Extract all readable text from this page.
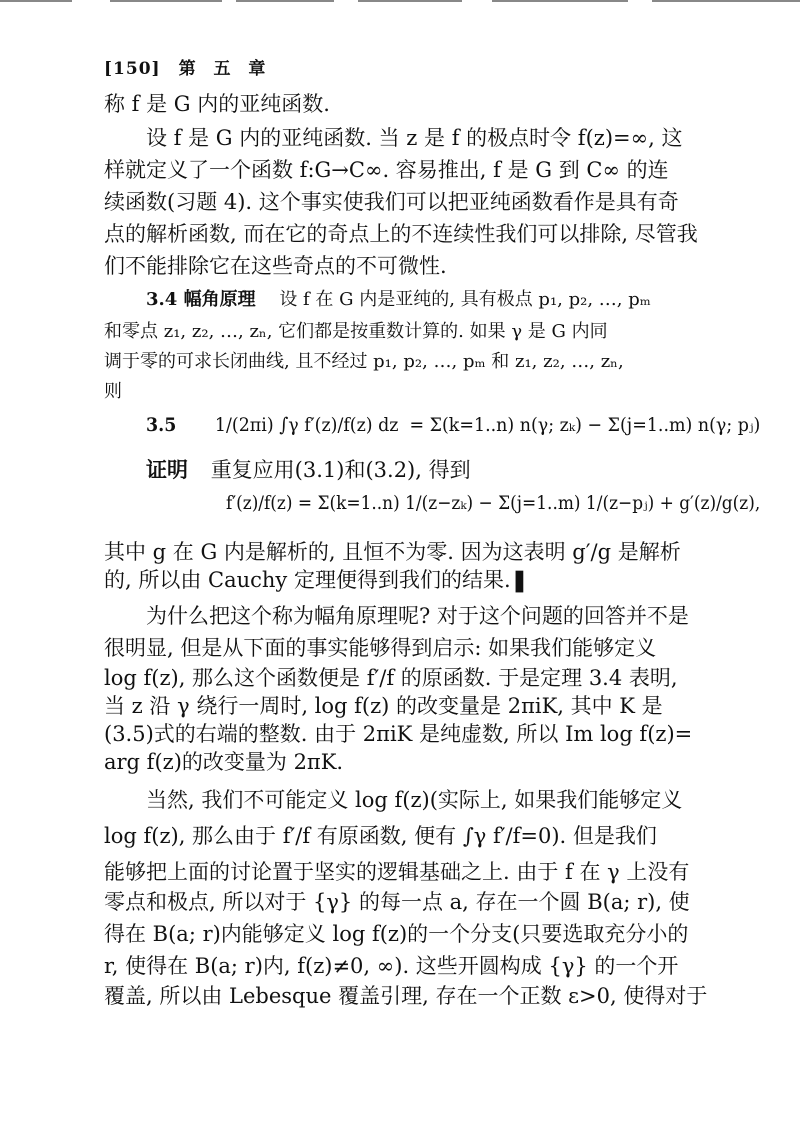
[150] 第 五 章
称 f 是 G 内的亚纯函数.
设 f 是 G 内的亚纯函数. 当 z 是 f 的极点时令 f(z)=∞, 这
样就定义了一个函数 f:G→C∞. 容易推出, f 是 G 到 C∞ 的连
续函数(习题 4). 这个事实使我们可以把亚纯函数看作是具有奇
点的解析函数, 而在它的奇点上的不连续性我们可以排除, 尽管我
们不能排除它在这些奇点的不可微性.
3.4 幅角原理 设 f 在 G 内是亚纯的, 具有极点 p₁, p₂, …, pₘ
和零点 z₁, z₂, …, zₙ, 它们都是按重数计算的. 如果 γ 是 G 内同
调于零的可求长闭曲线, 且不经过 p₁, p₂, …, pₘ 和 z₁, z₂, …, zₙ,
则
3.5 1/(2πi) ∫γ f′(z)/f(z) dz = Σ(k=1..n) n(γ; zₖ) − Σ(j=1..m) n(γ; pⱼ)
证明 重复应用(3.1)和(3.2), 得到
f′(z)/f(z) = Σ(k=1..n) 1/(z−zₖ) − Σ(j=1..m) 1/(z−pⱼ) + g′(z)/g(z),
其中 g 在 G 内是解析的, 且恒不为零. 因为这表明 g′/g 是解析
的, 所以由 Cauchy 定理便得到我们的结果.❚
为什么把这个称为幅角原理呢? 对于这个问题的回答并不是
很明显, 但是从下面的事实能够得到启示: 如果我们能够定义
log f(z), 那么这个函数便是 f′/f 的原函数. 于是定理 3.4 表明,
当 z 沿 γ 绕行一周时, log f(z) 的改变量是 2πiK, 其中 K 是
(3.5)式的右端的整数. 由于 2πiK 是纯虚数, 所以 Im log f(z)=
arg f(z)的改变量为 2πK.
当然, 我们不可能定义 log f(z)(实际上, 如果我们能够定义
log f(z), 那么由于 f′/f 有原函数, 便有 ∫γ f′/f=0). 但是我们
能够把上面的讨论置于坚实的逻辑基础之上. 由于 f 在 γ 上没有
零点和极点, 所以对于 {γ} 的每一点 a, 存在一个圆 B(a; r), 使
得在 B(a; r)内能够定义 log f(z)的一个分支(只要选取充分小的
r, 使得在 B(a; r)内, f(z)≠0, ∞). 这些开圆构成 {γ} 的一个开
覆盖, 所以由 Lebesque 覆盖引理, 存在一个正数 ε>0, 使得对于
